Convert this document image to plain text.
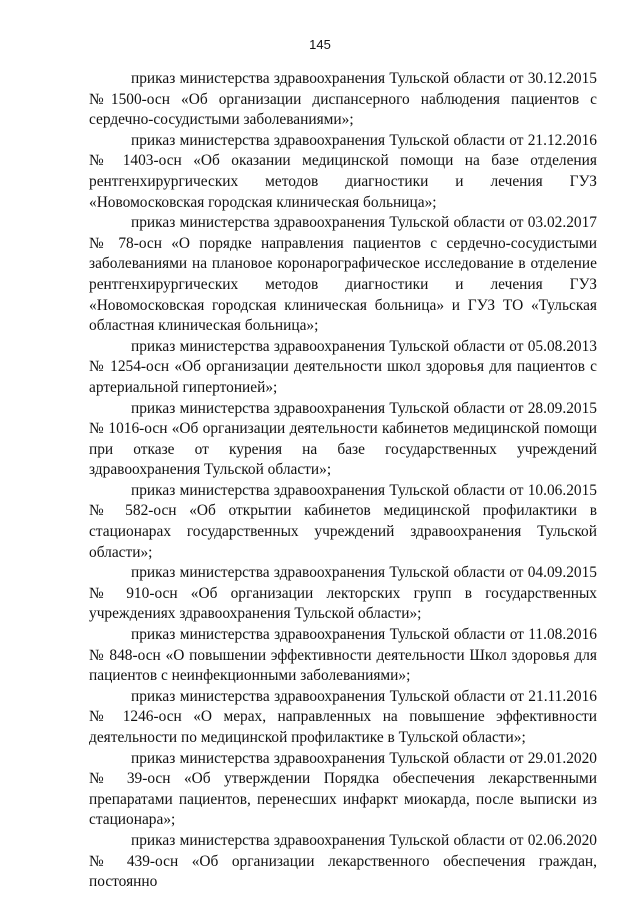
145

приказ министерства здравоохранения Тульской области от 30.12.2015 №1500-осн «Об организации диспансерного наблюдения пациентов с сердечно-сосудистыми заболеваниями»;

приказ министерства здравоохранения Тульской области от 21.12.2016 № 1403-осн «Об оказании медицинской помощи на базе отделения рентгенхирургических методов диагностики и лечения ГУЗ «Новомосковская городская клиническая больница»;

приказ министерства здравоохранения Тульской области от 03.02.2017 № 78-осн «О порядке направления пациентов с сердечно-сосудистыми заболеваниями на плановое коронарографическое исследование в отделение рентгенхирургических методов диагностики и лечения ГУЗ «Новомосковская городская клиническая больница» и ГУЗ ТО «Тульская областная клиническая больница»;

приказ министерства здравоохранения Тульской области от 05.08.2013 № 1254-осн «Об организации деятельности школ здоровья для пациентов с артериальной гипертонией»;

приказ министерства здравоохранения Тульской области от 28.09.2015 № 1016-осн «Об организации деятельности кабинетов медицинской помощи при отказе от курения на базе государственных учреждений здравоохранения Тульской области»;

приказ министерства здравоохранения Тульской области от 10.06.2015 № 582-осн «Об открытии кабинетов медицинской профилактики в стационарах государственных учреждений здравоохранения Тульской области»;

приказ министерства здравоохранения Тульской области от 04.09.2015 № 910-осн «Об организации лекторских групп в государственных учреждениях здравоохранения Тульской области»;

приказ министерства здравоохранения Тульской области от 11.08.2016 № 848-осн «О повышении эффективности деятельности Школ здоровья для пациентов с неинфекционными заболеваниями»;

приказ министерства здравоохранения Тульской области от 21.11.2016 № 1246-осн «О мерах, направленных на повышение эффективности деятельности по медицинской профилактике в Тульской области»;

приказ министерства здравоохранения Тульской области от 29.01.2020 № 39-осн «Об утверждении Порядка обеспечения лекарственными препаратами пациентов, перенесших инфаркт миокарда, после выписки из стационара»;

приказ министерства здравоохранения Тульской области от 02.06.2020 № 439-осн «Об организации лекарственного обеспечения граждан, постоянно
